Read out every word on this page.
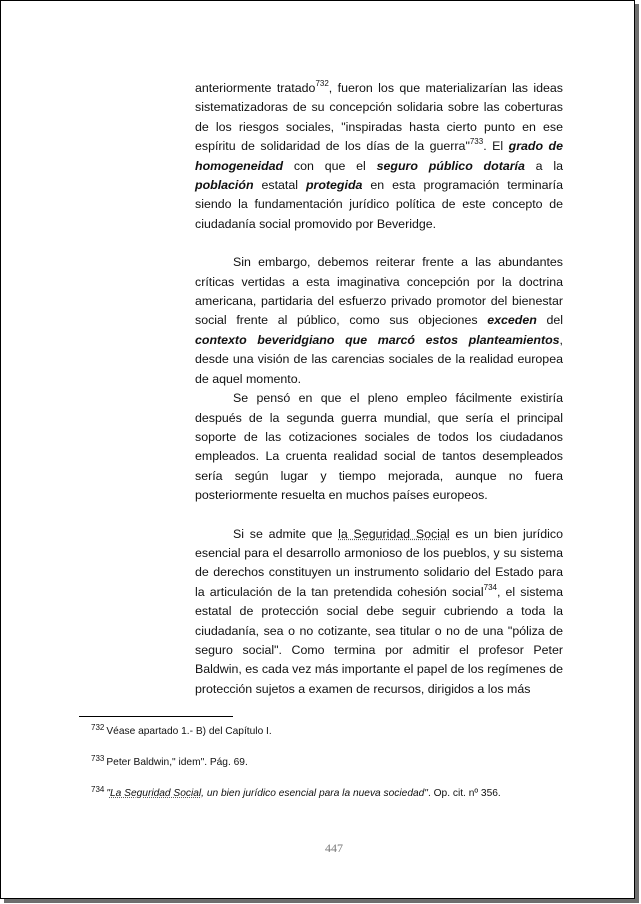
anteriormente tratado$^{732}$, fueron los que materializarían las ideas sistematizadoras de su concepción solidaria sobre las coberturas de los riesgos sociales, "inspiradas hasta cierto punto en ese espíritu de solidaridad de los días de la guerra"$^{733}$. El grado de homogeneidad con que el seguro público dotaría a la población estatal protegida en esta programación terminaría siendo la fundamentación jurídico política de este concepto de ciudadanía social promovido por Beveridge.

Sin embargo, debemos reiterar frente a las abundantes críticas vertidas a esta imaginativa concepción por la doctrina americana, partidaria del esfuerzo privado promotor del bienestar social frente al público, como sus objeciones exceden del contexto beveridgiano que marcó estos planteamientos, desde una visión de las carencias sociales de la realidad europea de aquel momento.

Se pensó en que el pleno empleo fácilmente existiría después de la segunda guerra mundial, que sería el principal soporte de las cotizaciones sociales de todos los ciudadanos empleados. La cruenta realidad social de tantos desempleados sería según lugar y tiempo mejorada, aunque no fuera posteriormente resuelta en muchos países europeos.

Si se admite que la Seguridad Social es un bien jurídico esencial para el desarrollo armonioso de los pueblos, y su sistema de derechos constituyen un instrumento solidario del Estado para la articulación de la tan pretendida cohesión social$^{734}$, el sistema estatal de protección social debe seguir cubriendo a toda la ciudadanía, sea o no cotizante, sea titular o no de una "póliza de seguro social". Como termina por admitir el profesor Peter Baldwin, es cada vez más importante el papel de los regímenes de protección sujetos a examen de recursos, dirigidos a los más

$^{732}$ Véase apartado 1.- B) del Capítulo I.

$^{733}$ Peter Baldwin," idem". Pág. 69.

$^{734}$ "La Seguridad Social, un bien jurídico esencial para la nueva sociedad". Op. cit. nº 356.

447
